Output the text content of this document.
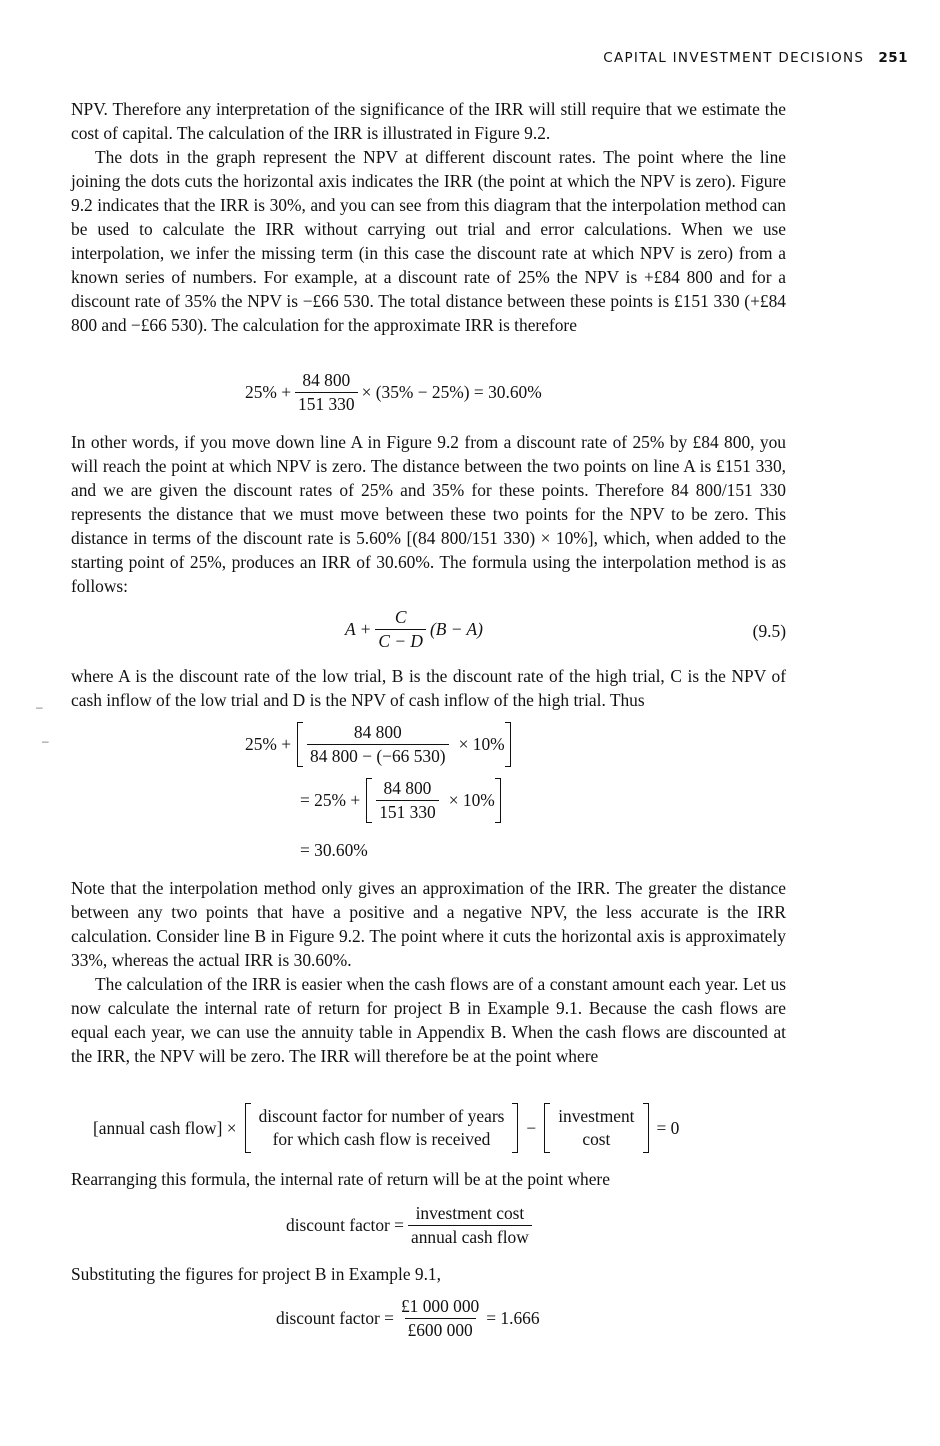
CAPITAL INVESTMENT DECISIONS 251

NPV. Therefore any interpretation of the significance of the IRR will still require that we estimate the cost of capital. The calculation of the IRR is illustrated in Figure 9.2.

The dots in the graph represent the NPV at different discount rates. The point where the line joining the dots cuts the horizontal axis indicates the IRR (the point at which the NPV is zero). Figure 9.2 indicates that the IRR is 30%, and you can see from this diagram that the interpolation method can be used to calculate the IRR without carrying out trial and error calculations. When we use interpolation, we infer the missing term (in this case the discount rate at which NPV is zero) from a known series of numbers. For example, at a discount rate of 25% the NPV is +£84 800 and for a discount rate of 35% the NPV is −£66 530. The total distance between these points is £151 330 (+£84 800 and −£66 530). The calculation for the approximate IRR is therefore

$25\% + \frac{84 800}{151 330} \times (35\% - 25\%) = 30.60\%$

In other words, if you move down line A in Figure 9.2 from a discount rate of 25% by £84 800, you will reach the point at which NPV is zero. The distance between the two points on line A is £151 330, and we are given the discount rates of 25% and 35% for these points. Therefore 84 800/151 330 represents the distance that we must move between these two points for the NPV to be zero. This distance in terms of the discount rate is 5.60% [(84 800/151 330) × 10%], which, when added to the starting point of 25%, produces an IRR of 30.60%. The formula using the interpolation method is as follows:

$A + \frac{C}{C - D} (B - A)$	(9.5)

where A is the discount rate of the low trial, B is the discount rate of the high trial, C is the NPV of cash inflow of the low trial and D is the NPV of cash inflow of the high trial. Thus

$25\% + \frac{84 800}{84 800 - (-66 530)} \times 10\%$
= $25\% + \frac{84 800}{151 330} \times 10\%$
= 30.60%

Note that the interpolation method only gives an approximation of the IRR. The greater the distance between any two points that have a positive and a negative NPV, the less accurate is the IRR calculation. Consider line B in Figure 9.2. The point where it cuts the horizontal axis is approximately 33%, whereas the actual IRR is 30.60%.

The calculation of the IRR is easier when the cash flows are of a constant amount each year. Let us now calculate the internal rate of return for project B in Example 9.1. Because the cash flows are equal each year, we can use the annuity table in Appendix B. When the cash flows are discounted at the IRR, the NPV will be zero. The IRR will therefore be at the point where

[annual cash flow] ×
discount factor for number of years
for which cash flow is received
−
investment
cost
= 0

Rearranging this formula, the internal rate of return will be at the point where

discount factor = $\frac{\text{investment cost}}{\text{annual cash flow}}$

Substituting the figures for project B in Example 9.1,

discount factor = $\frac{£1 000 000}{£600 000} = 1.666$
–
–
